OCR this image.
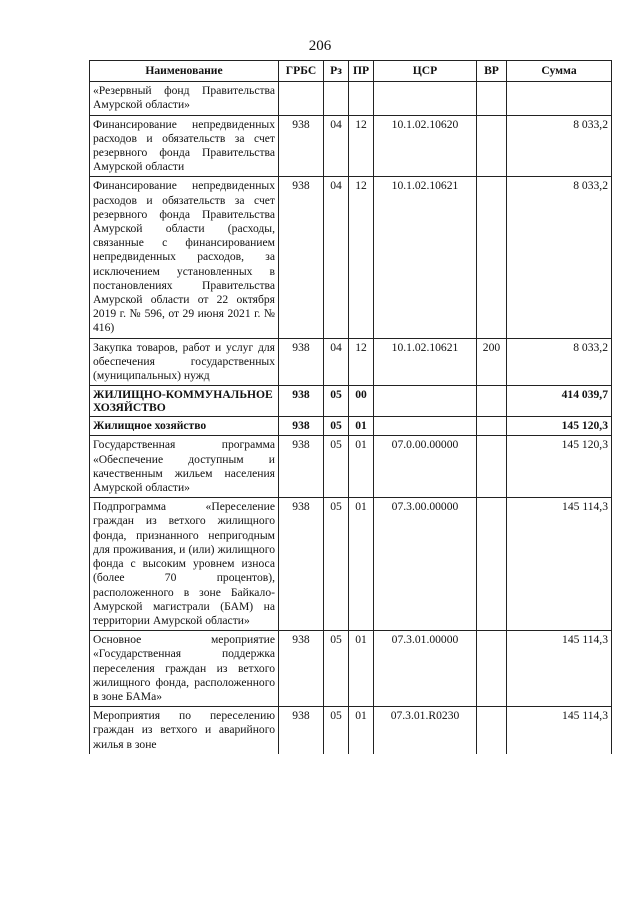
206
Наименование	ГРБС	Рз	ПР	ЦСР	ВР	Сумма
«Резервный фонд Правительства Амурской области»						
Финансирование непредвиденных расходов и обязательств за счет резервного фонда Правительства Амурской области	938	04	12	10.1.02.10620		8 033,2
Финансирование непредвиденных расходов и обязательств за счет резервного фонда Правительства Амурской области (расходы, связанные с финансированием непредвиденных расходов, за исключением установленных в постановлениях Правительства Амурской области от 22 октября 2019 г. № 596, от 29 июня 2021 г. № 416)	938	04	12	10.1.02.10621		8 033,2
Закупка товаров, работ и услуг для обеспечения государственных (муниципальных) нужд	938	04	12	10.1.02.10621	200	8 033,2
ЖИЛИЩНО-КОММУНАЛЬНОЕ ХОЗЯЙСТВО	938	05	00			414 039,7
Жилищное хозяйство	938	05	01			145 120,3
Государственная программа «Обеспечение доступным и качественным жильем населения Амурской области»	938	05	01	07.0.00.00000		145 120,3
Подпрограмма «Переселение граждан из ветхого жилищного фонда, признанного непригодным для проживания, и (или) жилищного фонда с высоким уровнем износа (более 70 процентов), расположенного в зоне Байкало-Амурской магистрали (БАМ) на территории Амурской области»	938	05	01	07.3.00.00000		145 114,3
Основное мероприятие «Государственная поддержка переселения граждан из ветхого жилищного фонда, расположенного в зоне БАМа»	938	05	01	07.3.01.00000		145 114,3
Мероприятия по переселению граждан из ветхого и аварийного жилья в зоне	938	05	01	07.3.01.R0230		145 114,3
